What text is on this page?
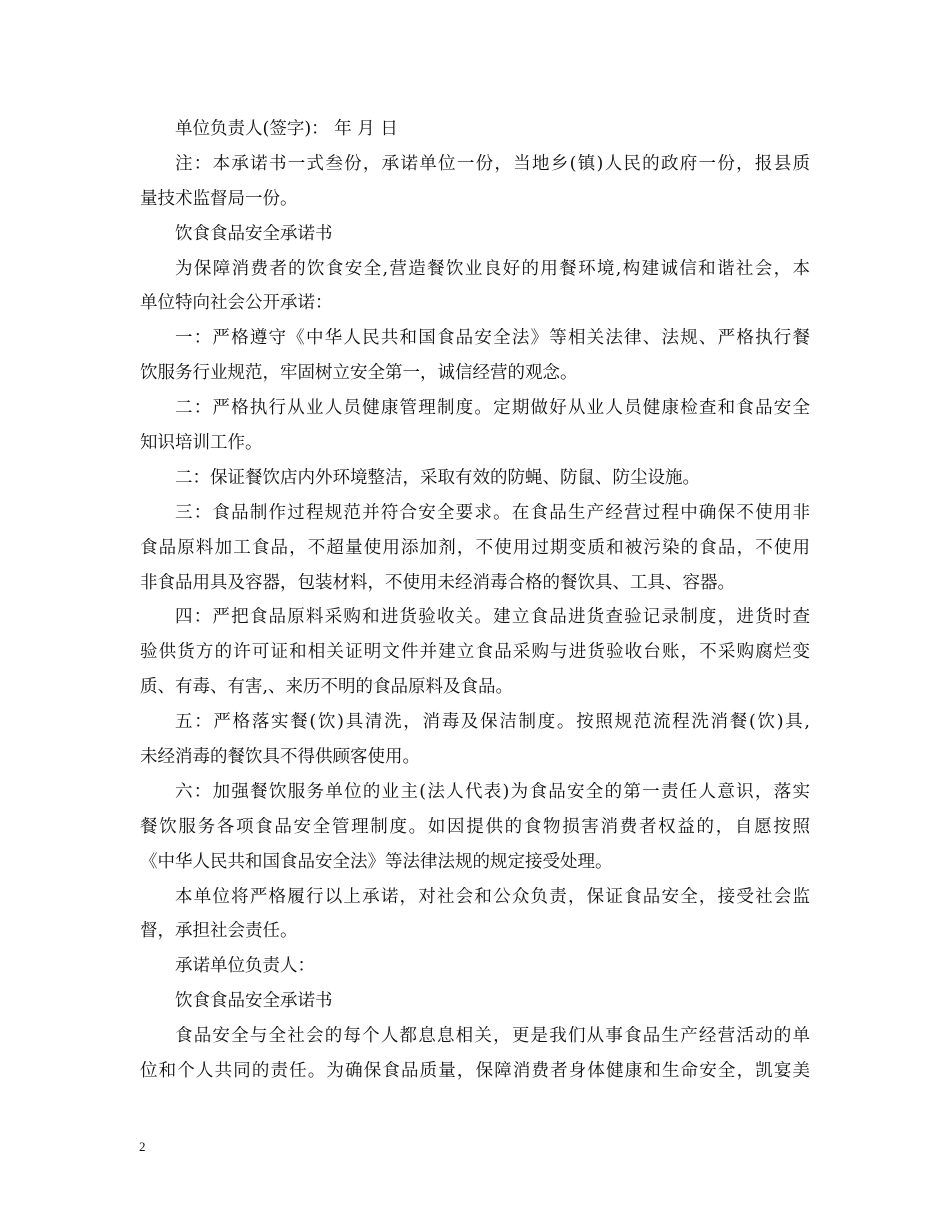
单位负责人(签字)： 年 月 日
注：本承诺书一式叁份，承诺单位一份，当地乡(镇)人民的政府一份，报县质
量技术监督局一份。
饮食食品安全承诺书
为保障消费者的饮食安全,营造餐饮业良好的用餐环境,构建诚信和谐社会，本
单位特向社会公开承诺：
一：严格遵守《中华人民共和国食品安全法》等相关法律、法规、严格执行餐
饮服务行业规范，牢固树立安全第一，诚信经营的观念。
二：严格执行从业人员健康管理制度。定期做好从业人员健康检查和食品安全
知识培训工作。
二：保证餐饮店内外环境整洁，采取有效的防蝇、防鼠、防尘设施。
三：食品制作过程规范并符合安全要求。在食品生产经营过程中确保不使用非
食品原料加工食品，不超量使用添加剂，不使用过期变质和被污染的食品，不使用
非食品用具及容器，包装材料，不使用未经消毒合格的餐饮具、工具、容器。
四：严把食品原料采购和进货验收关。建立食品进货查验记录制度，进货时查
验供货方的许可证和相关证明文件并建立食品采购与进货验收台账，不采购腐烂变
质、有毒、有害,、来历不明的食品原料及食品。
五：严格落实餐(饮)具清洗，消毒及保洁制度。按照规范流程洗消餐(饮)具,
未经消毒的餐饮具不得供顾客使用。
六：加强餐饮服务单位的业主(法人代表)为食品安全的第一责任人意识，落实
餐饮服务各项食品安全管理制度。如因提供的食物损害消费者权益的，自愿按照
《中华人民共和国食品安全法》等法律法规的规定接受处理。
本单位将严格履行以上承诺，对社会和公众负责，保证食品安全，接受社会监
督，承担社会责任。
承诺单位负责人：
饮食食品安全承诺书
食品安全与全社会的每个人都息息相关，更是我们从事食品生产经营活动的单
位和个人共同的责任。为确保食品质量，保障消费者身体健康和生命安全，凯宴美
2
